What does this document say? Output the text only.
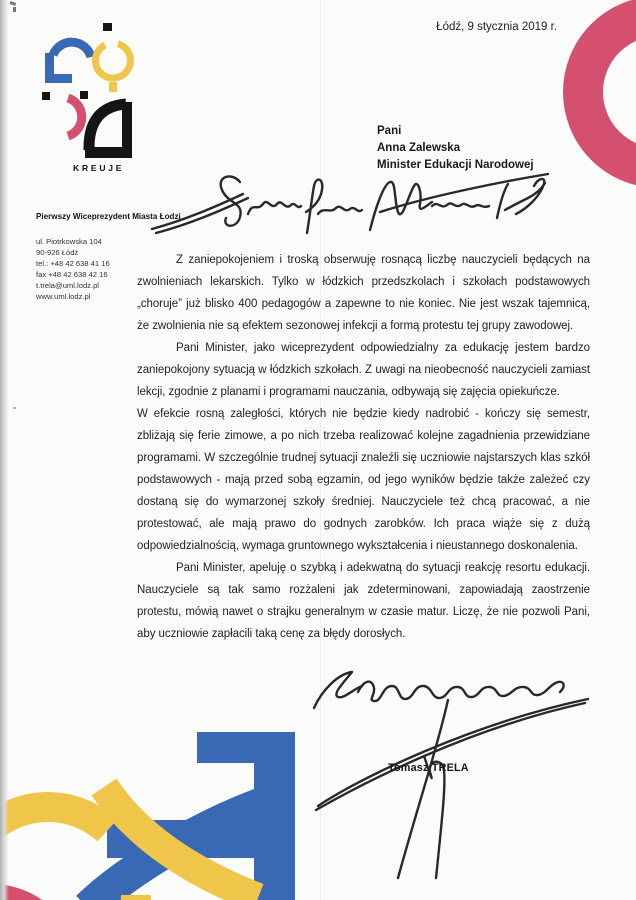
Łódź, 9 stycznia 2019 r.
Pani
Anna Zalewska
Minister Edukacji Narodowej
Pierwszy Wiceprezydent Miasta Łodzi
ul. Piotrkowska 104
90-926 Łódź
tel.: +48 42 638 41 16
fax +48 42 638 42 16
t.trela@uml.lodz.pl
www.uml.lodz.pl

Z zaniepokojeniem i troską obserwuję rosnącą liczbę nauczycieli będących na zwolnieniach lekarskich. Tylko w łódzkich przedszkolach i szkołach podstawowych „choruje” już blisko 400 pedagogów a zapewne to nie koniec. Nie jest wszak tajemnicą, że zwolnienia nie są efektem sezonowej infekcji a formą protestu tej grupy zawodowej.

Pani Minister, jako wiceprezydent odpowiedzialny za edukację jestem bardzo zaniepokojony sytuacją w łódzkich szkołach. Z uwagi na nieobecność nauczycieli zamiast lekcji, zgodnie z planami i programami nauczania, odbywają się zajęcia opiekuńcze.

W efekcie rosną zaległości, których nie będzie kiedy nadrobić - kończy się semestr, zbliżają się ferie zimowe, a po nich trzeba realizować kolejne zagadnienia przewidziane programami. W szczególnie trudnej sytuacji znaleźli się uczniowie najstarszych klas szkół podstawowych - mają przed sobą egzamin, od jego wyników będzie także zależeć czy dostaną się do wymarzonej szkoły średniej. Nauczyciele też chcą pracować, a nie protestować, ale mają prawo do godnych zarobków. Ich praca wiąże się z dużą odpowiedzialnością, wymaga gruntownego wykształcenia i nieustannego doskonalenia.

Pani Minister, apeluję o szybką i adekwatną do sytuacji reakcję resortu edukacji. Nauczyciele są tak samo rozżaleni jak zdeterminowani, zapowiadają zaostrzenie protestu, mówią nawet o strajku generalnym w czasie matur. Liczę, że nie pozwoli Pani, aby uczniowie zapłacili taką cenę za błędy dorosłych.

Tomasz TRELA
KREUJE
